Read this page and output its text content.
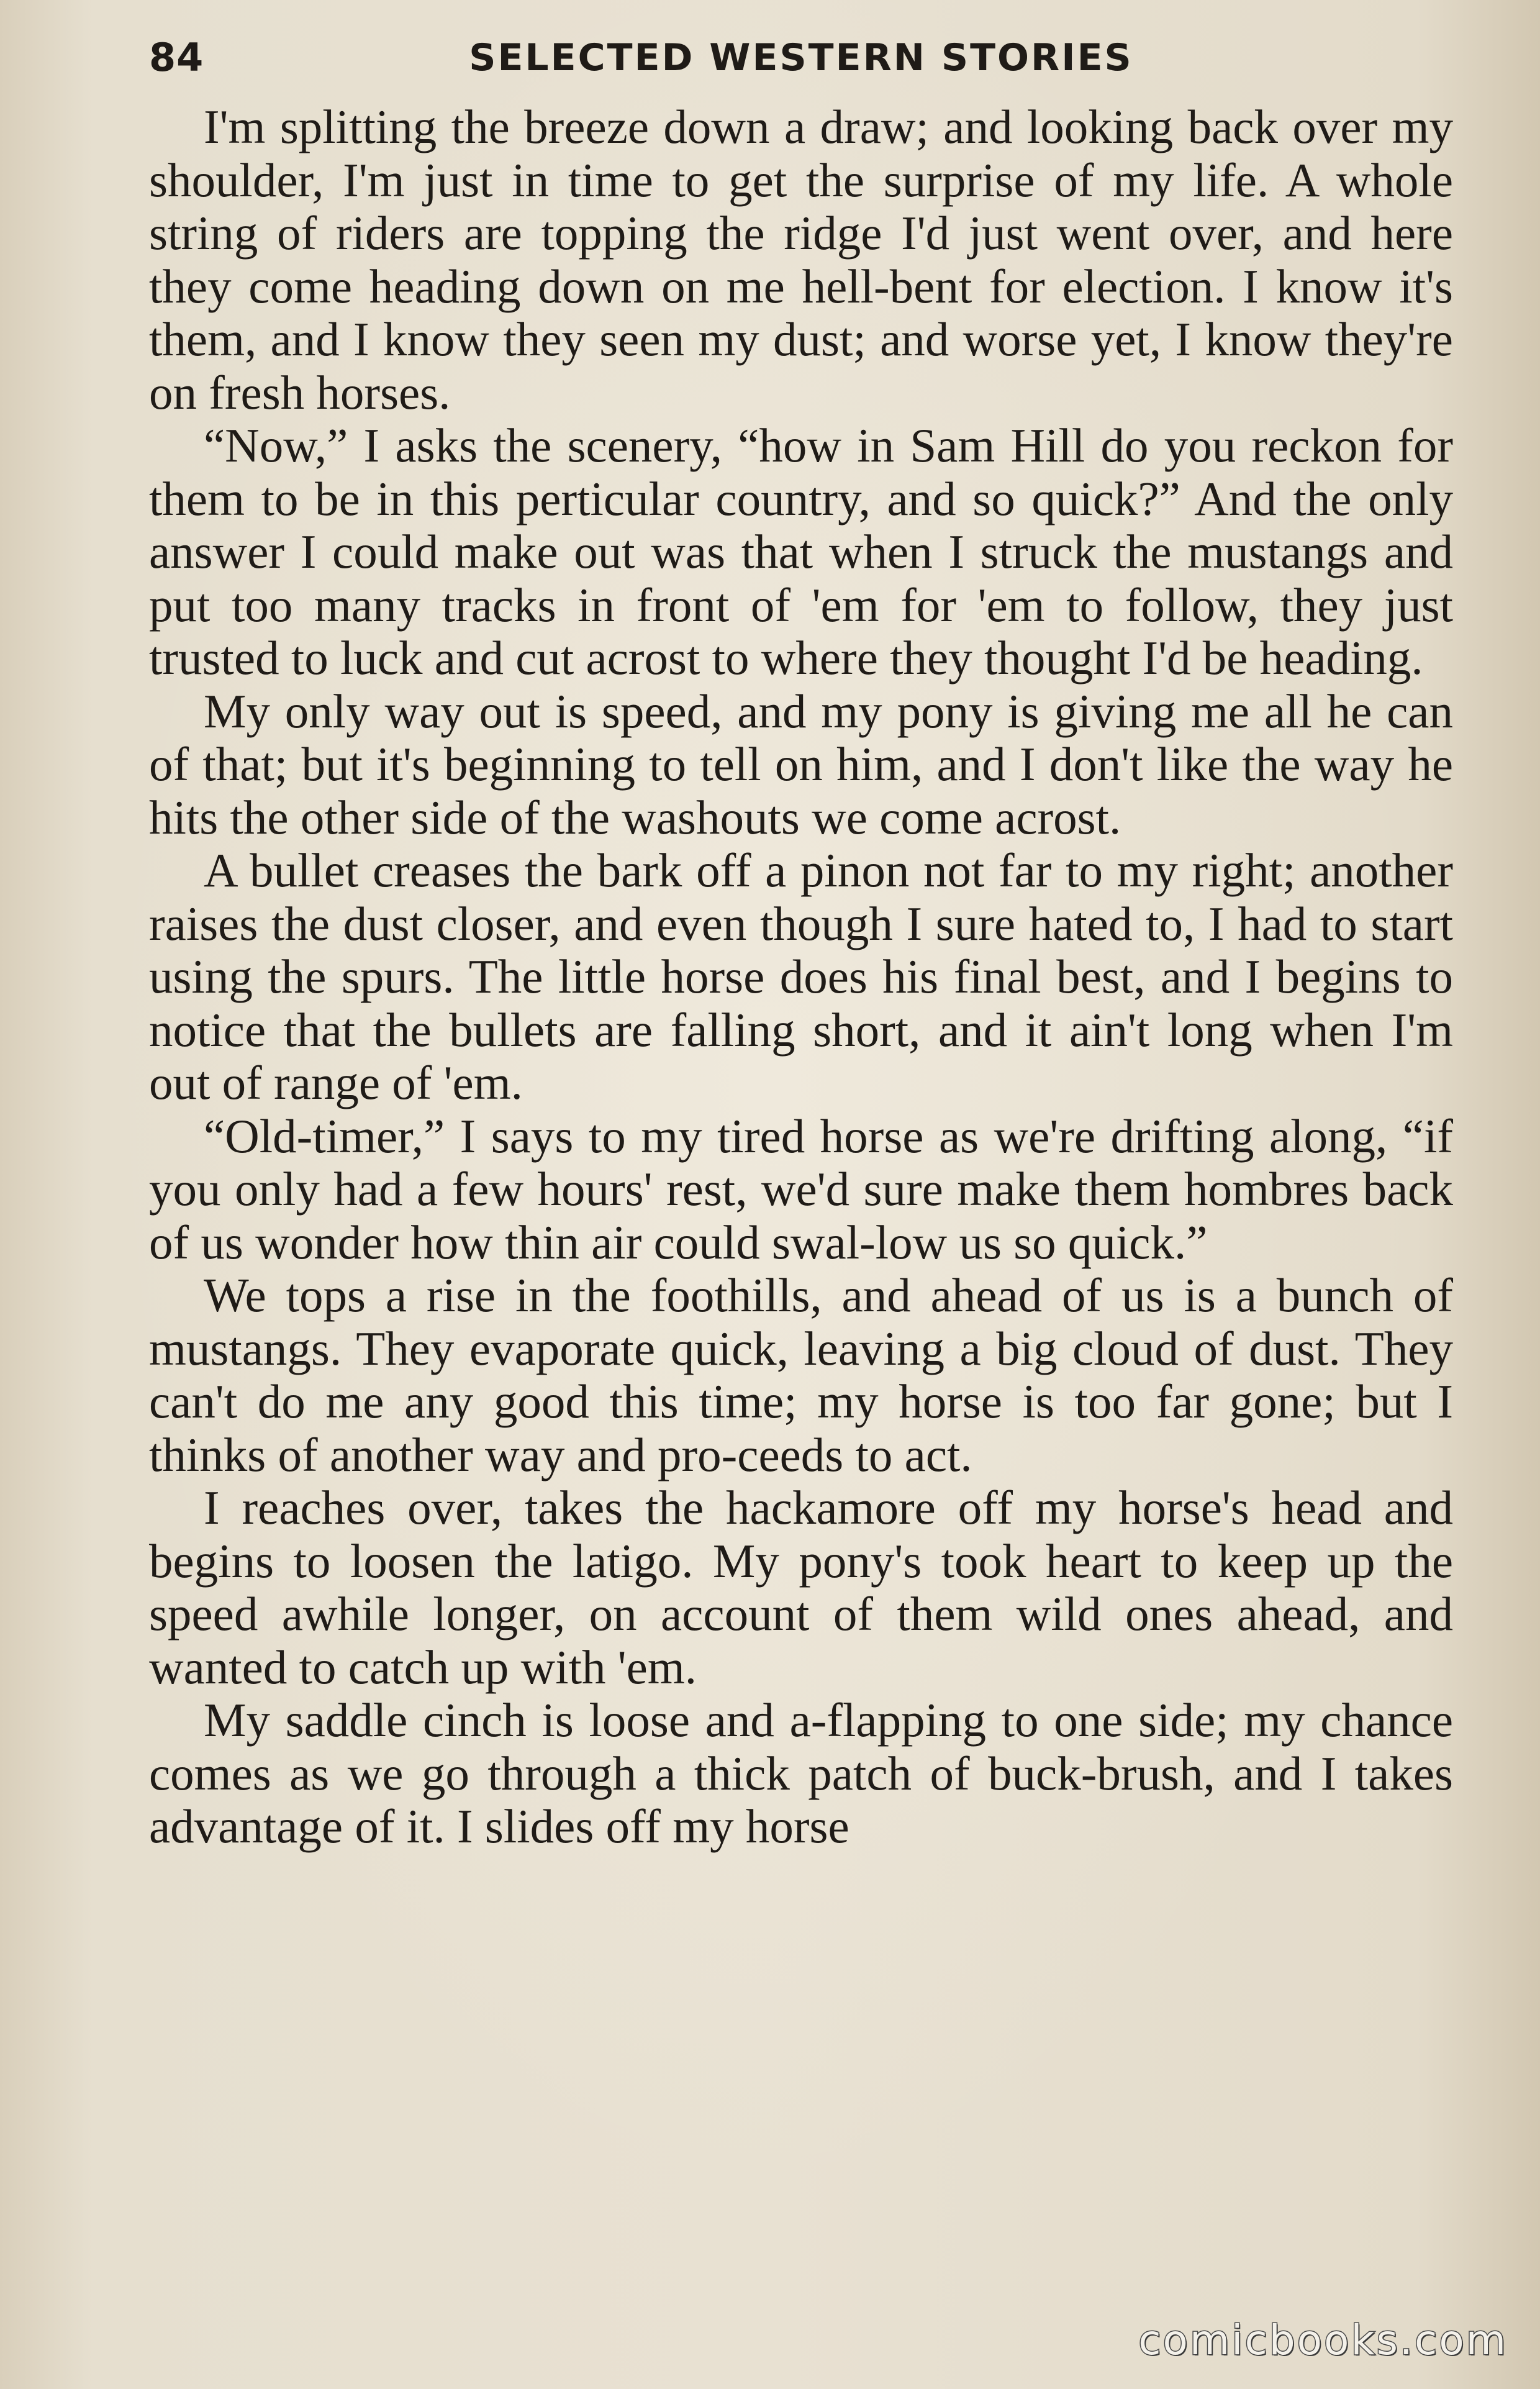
84	SELECTED WESTERN STORIES

I'm splitting the breeze down a draw; and looking back over my shoulder, I'm just in time to get the surprise of my life. A whole string of riders are topping the ridge I'd just went over, and here they come heading down on me hell-bent for election. I know it's them, and I know they seen my dust; and worse yet, I know they're on fresh horses.

“Now,” I asks the scenery, “how in Sam Hill do you reckon for them to be in this perticular country, and so quick?” And the only answer I could make out was that when I struck the mustangs and put too many tracks in front of 'em for 'em to follow, they just trusted to luck and cut acrost to where they thought I'd be heading.

My only way out is speed, and my pony is giving me all he can of that; but it's beginning to tell on him, and I don't like the way he hits the other side of the washouts we come acrost.

A bullet creases the bark off a pinon not far to my right; another raises the dust closer, and even though I sure hated to, I had to start using the spurs. The little horse does his final best, and I begins to notice that the bullets are falling short, and it ain't long when I'm out of range of 'em.

“Old-timer,” I says to my tired horse as we're drifting along, “if you only had a few hours' rest, we'd sure make them hombres back of us wonder how thin air could swal-low us so quick.”

We tops a rise in the foothills, and ahead of us is a bunch of mustangs. They evaporate quick, leaving a big cloud of dust. They can't do me any good this time; my horse is too far gone; but I thinks of another way and pro-ceeds to act.

I reaches over, takes the hackamore off my horse's head and begins to loosen the latigo. My pony's took heart to keep up the speed awhile longer, on account of them wild ones ahead, and wanted to catch up with 'em.

My saddle cinch is loose and a-flapping to one side; my chance comes as we go through a thick patch of buck-brush, and I takes advantage of it. I slides off my horse

comicbooks.com
